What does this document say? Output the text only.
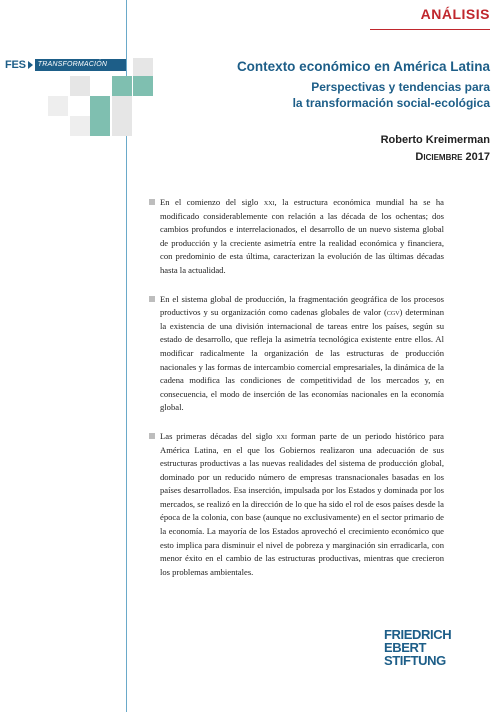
ANÁLISIS
FES	TRANSFORMACIÓN	Contexto económico en América Latina
Perspectivas y tendencias para
la transformación social-ecológica
Roberto Kreimerman
Diciembre 2017

En el comienzo del siglo xxi, la estructura económica mundial ha se ha modificado considerablemente con relación a las década de los ochentas; dos cambios profundos e interrelacionados, el desarrollo de un nuevo sistema global de producción y la creciente asimetría entre la realidad económica y financiera, con predominio de esta última, caracterizan la evolución de las últimas décadas hasta la actualidad.

En el sistema global de producción, la fragmentación geográfica de los procesos productivos y su organización como cadenas globales de valor (cgv) determinan la existencia de una división internacional de tareas entre los países, según su estado de desarrollo, que refleja la asimetría tecnológica existente entre ellos. Al modificar radicalmente la organización de las estructuras de producción nacionales y las formas de intercambio comercial empresariales, la dinámica de la cadena modifica las condiciones de competitividad de los mercados y, en consecuencia, el modo de inserción de las economías nacionales en la economía global.

Las primeras décadas del siglo xxi forman parte de un periodo histórico para América Latina, en el que los Gobiernos realizaron una adecuación de sus estructuras productivas a las nuevas realidades del sistema de producción global, dominado por un reducido número de empresas transnacionales basadas en los países desarrollados. Esa inserción, impulsada por los Estados y dominada por los mercados, se realizó en la dirección de lo que ha sido el rol de esos países desde la época de la colonia, con base (aunque no exclusivamente) en el sector primario de la economía. La mayoría de los Estados aprovechó el crecimiento económico que esto implica para disminuir el nivel de pobreza y marginación sin erradicarla, con menor éxito en el cambio de las estructuras productivas, mientras que crecieron los problemas ambientales.

FRIEDRICH
EBERT
STIFTUNG
